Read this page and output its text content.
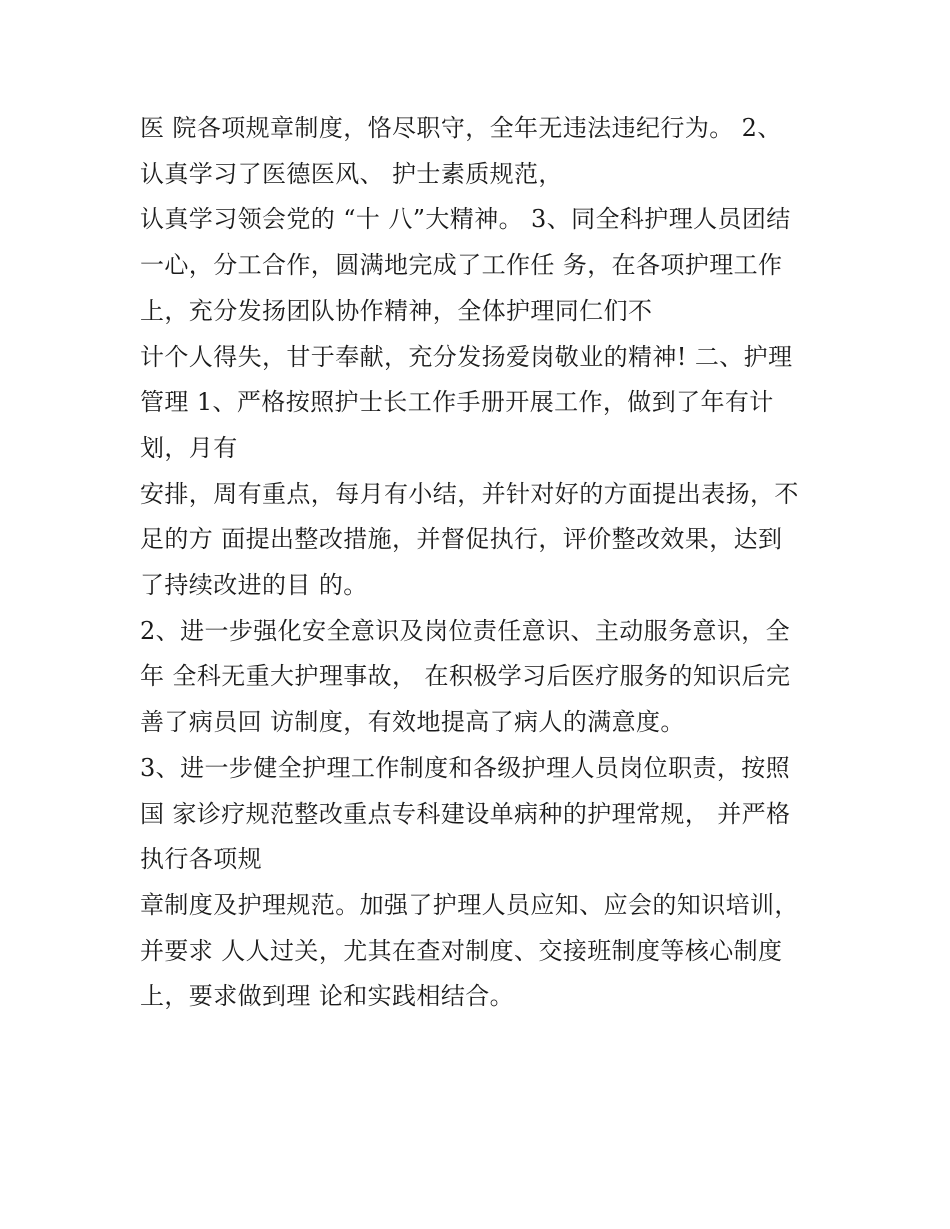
医 院各项规章制度，恪尽职守，全年无违法违纪行为。 2、
认真学习了医德医风、 护士素质规范，
认真学习领会党的 “十 八”大精神。 3、同全科护理人员团结
一心，分工合作，圆满地完成了工作任 务，在各项护理工作
上，充分发扬团队协作精神，全体护理同仁们不
计个人得失，甘于奉献，充分发扬爱岗敬业的精神! 二、护理
管理 1、严格按照护士长工作手册开展工作，做到了年有计
划，月有
安排，周有重点，每月有小结，并针对好的方面提出表扬，不
足的方 面提出整改措施，并督促执行，评价整改效果，达到
了持续改进的目 的。
2、进一步强化安全意识及岗位责任意识、主动服务意识，全
年 全科无重大护理事故， 在积极学习后医疗服务的知识后完
善了病员回 访制度，有效地提高了病人的满意度。
3、进一步健全护理工作制度和各级护理人员岗位职责，按照
国 家诊疗规范整改重点专科建设单病种的护理常规， 并严格
执行各项规
章制度及护理规范。加强了护理人员应知、应会的知识培训，
并要求 人人过关，尤其在查对制度、交接班制度等核心制度
上，要求做到理 论和实践相结合。
